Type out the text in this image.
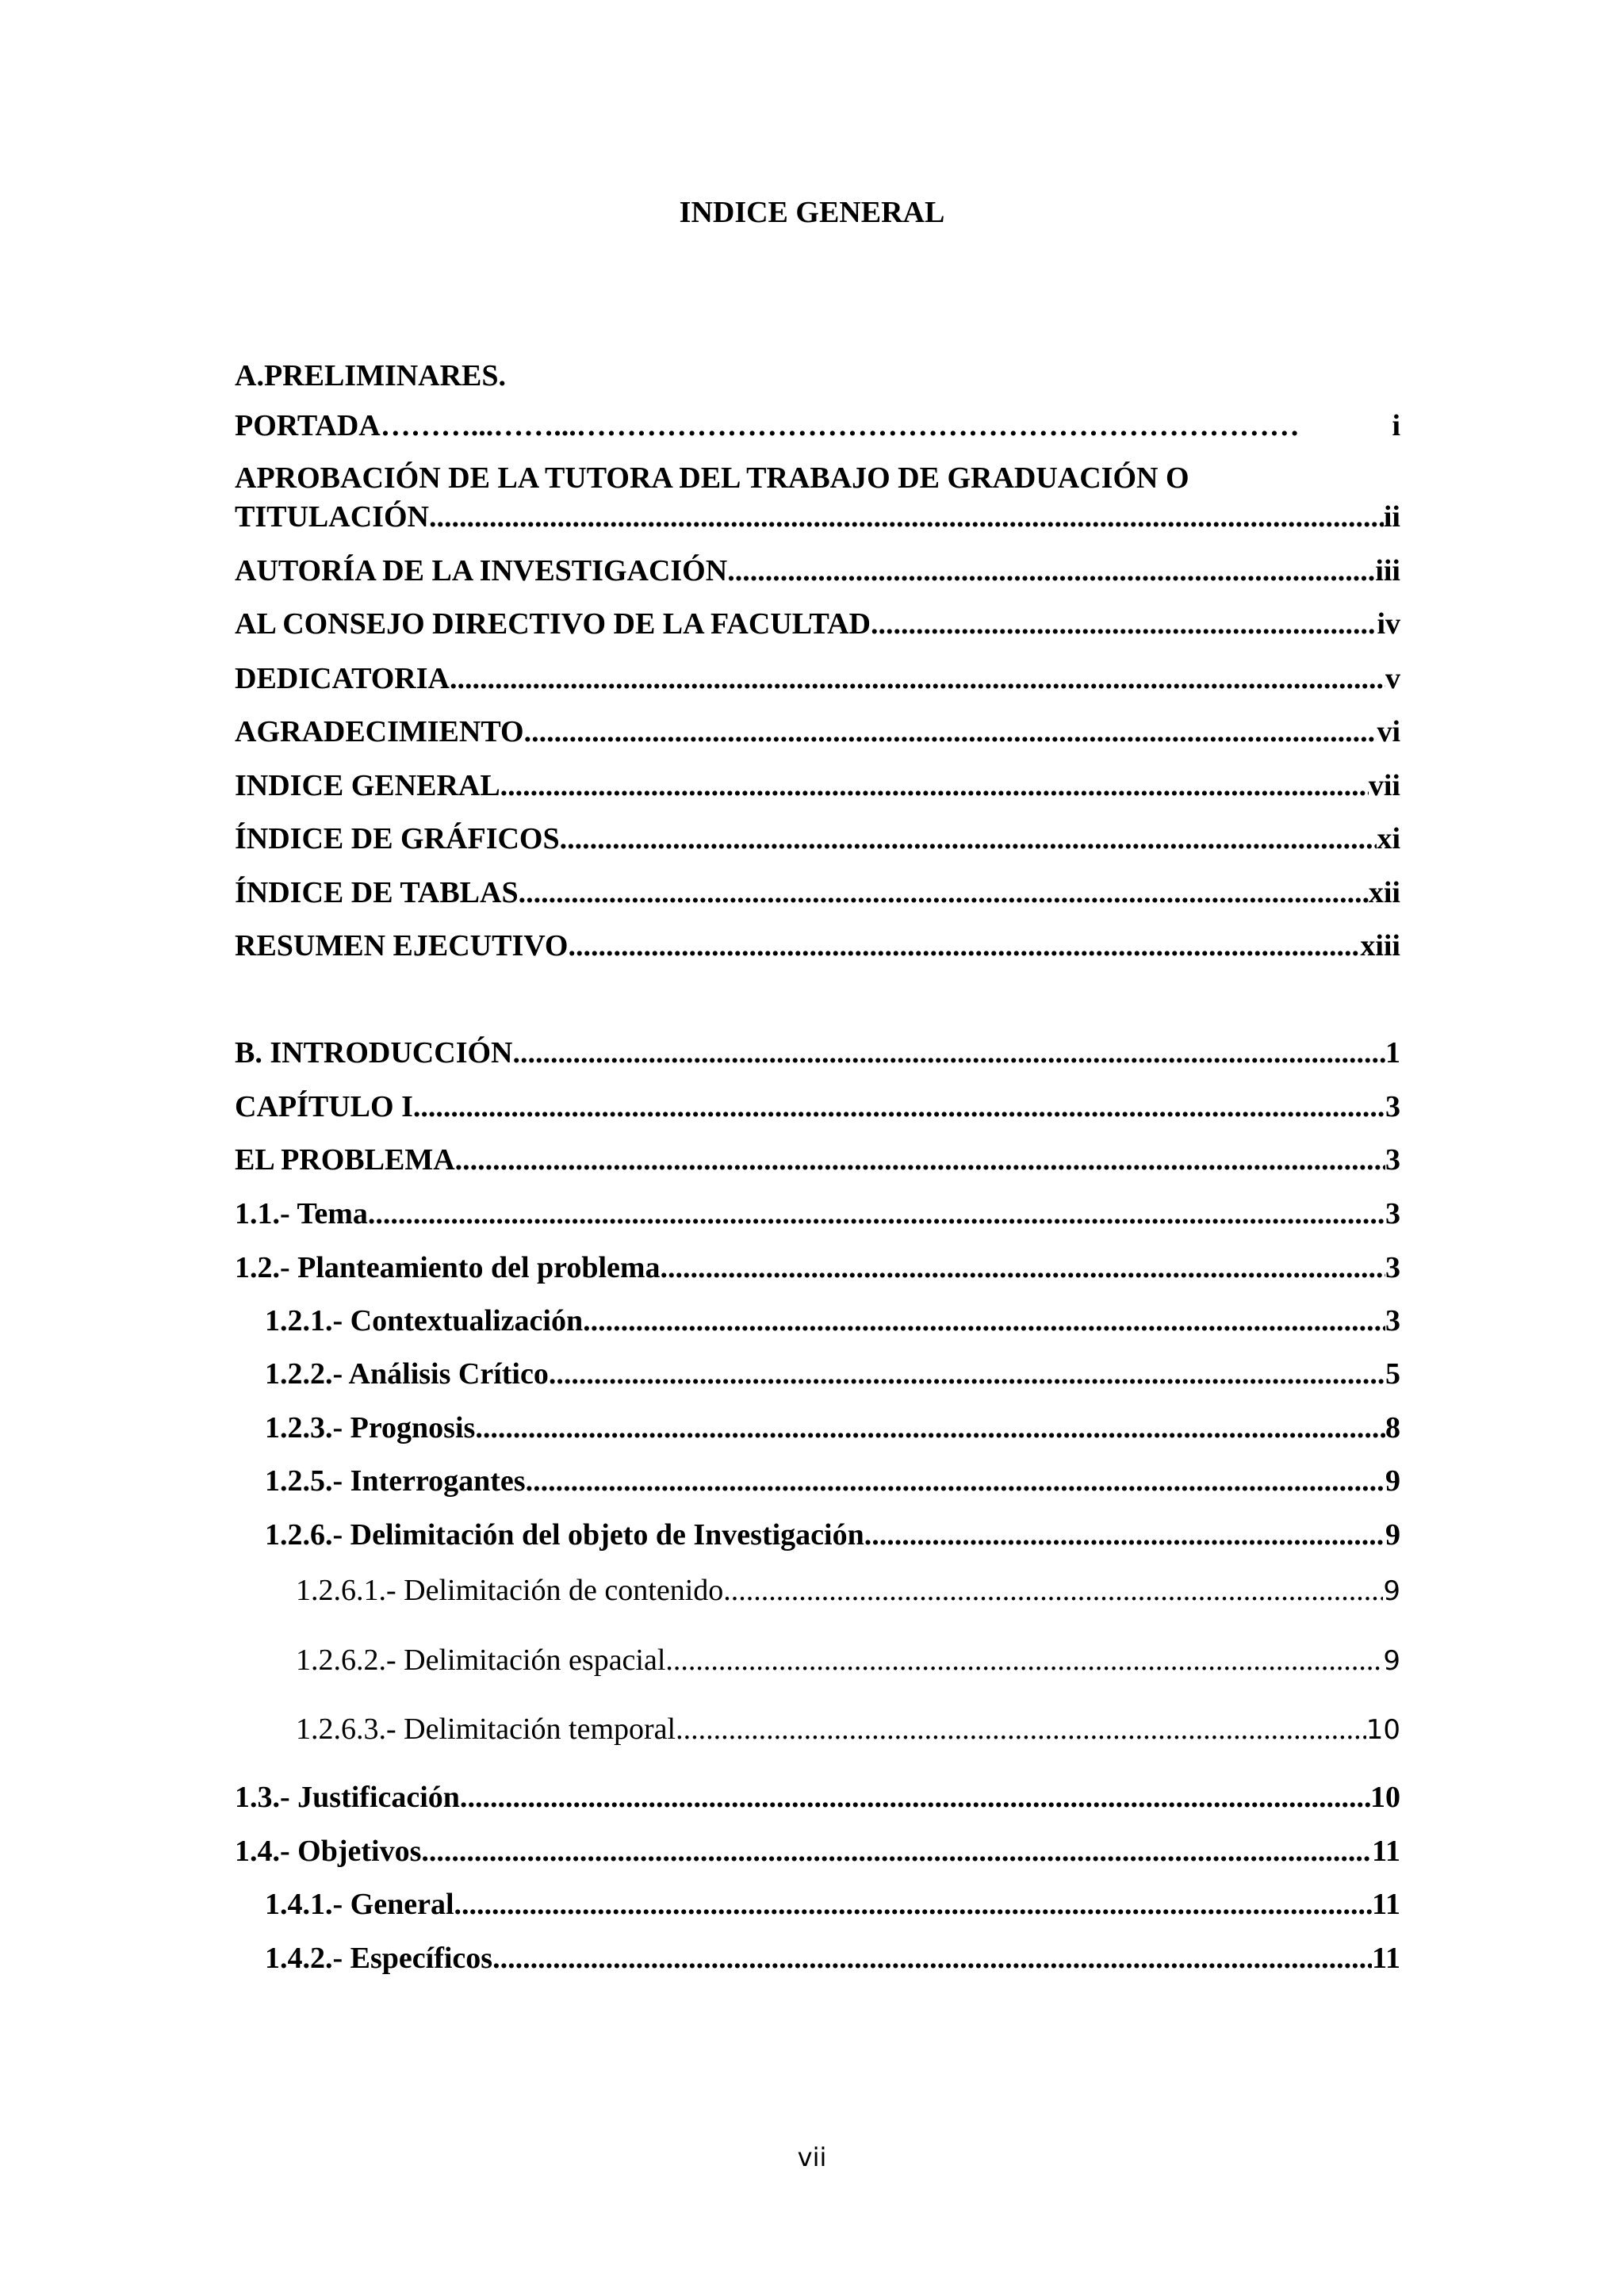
INDICE GENERAL
A.PRELIMINARES.
PORTADA ………...……...………………………………………………………………	i
APROBACIÓN DE LA TUTORA DEL TRABAJO DE GRADUACIÓN O
TITULACIÓN. .....	ii
AUTORÍA DE LA INVESTIGACIÓN .....	iii
AL CONSEJO DIRECTIVO DE LA FACULTAD .....	iv
DEDICATORIA .....	v
AGRADECIMIENTO .....	vi
INDICE GENERAL .....	vii
ÍNDICE DE GRÁFICOS .....	xi
ÍNDICE DE TABLAS .....	xii
RESUMEN EJECUTIVO .....	xiii
B. INTRODUCCIÓN .....	1
CAPÍTULO I .....	3
EL PROBLEMA .....	3
1.1.- Tema .....	3
1.2.- Planteamiento del problema. .....	3
1.2.1.- Contextualización .....	3
1.2.2.- Análisis Crítico. .....	5
1.2.3.- Prognosis. .....	8
1.2.5.- Interrogantes. .....	9
1.2.6.- Delimitación del objeto de Investigación. .....	9
1.2.6.1.- Delimitación de contenido .....	9
1.2.6.2.- Delimitación espacial .....	9
1.2.6.3.- Delimitación temporal .....	10
1.3.- Justificación. .....	10
1.4.- Objetivos. .....	11
1.4.1.- General .....	11
1.4.2.- Específicos .....	11
vii
